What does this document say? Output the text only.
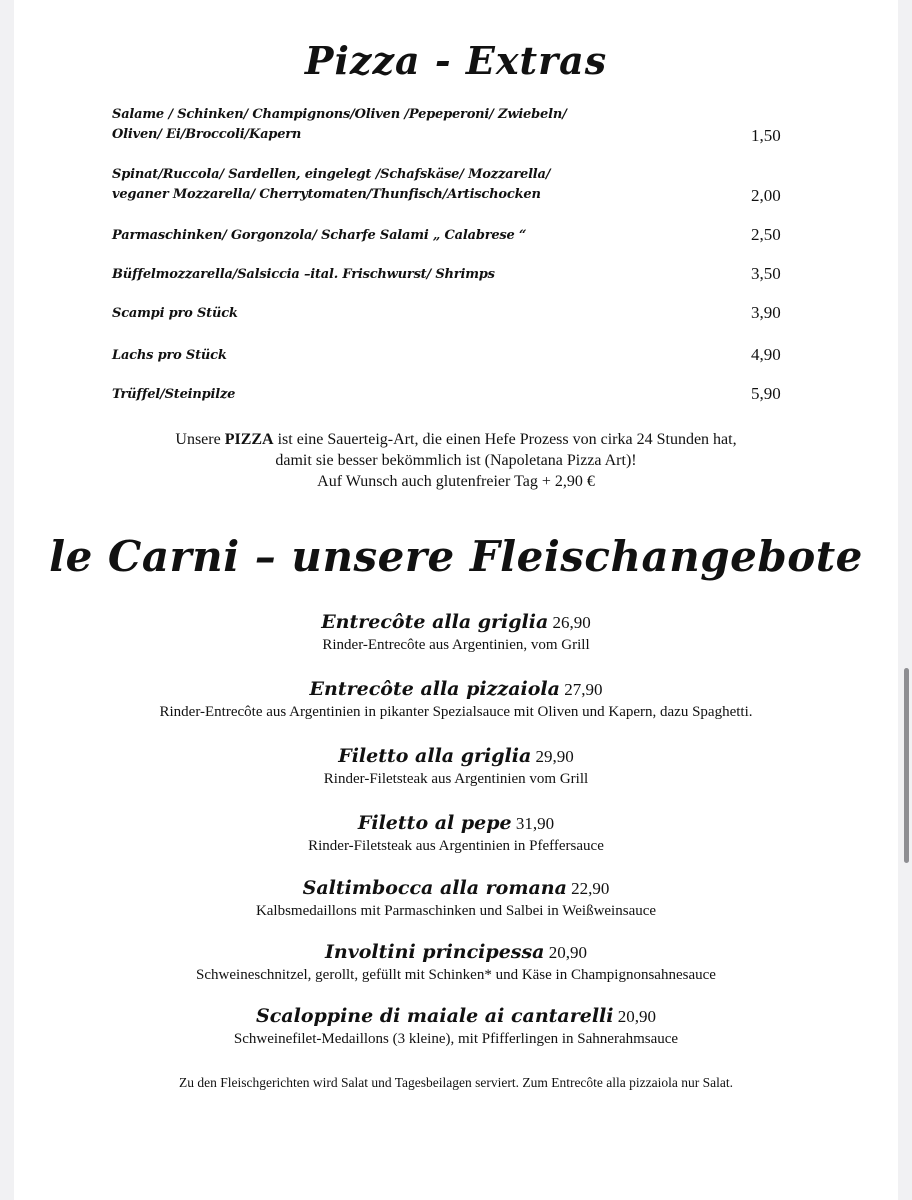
Pizza - Extras
Salame / Schinken/ Champignons/Oliven /Pepeperoni/ Zwiebeln/
Oliven/ Ei/Broccoli/Kapern	1,50
Spinat/Ruccola/ Sardellen, eingelegt /Schafskäse/ Mozzarella/
veganer Mozzarella/ Cherrytomaten/Thunfisch/Artischocken	2,00
Parmaschinken/ Gorgonzola/ Scharfe Salami „ Calabrese “	2,50
Büffelmozzarella/Salsiccia –ital. Frischwurst/ Shrimps	3,50
Scampi pro Stück	3,90
Lachs pro Stück	4,90
Trüffel/Steinpilze	5,90
Unsere PIZZA ist eine Sauerteig-Art, die einen Hefe Prozess von cirka 24 Stunden hat,
damit sie besser bekömmlich ist (Napoletana Pizza Art)!
Auf Wunsch auch glutenfreier Tag + 2,90 €
le Carni – unsere Fleischangebote
Entrecôte alla griglia 26,90
Rinder-Entrecôte aus Argentinien, vom Grill
Entrecôte alla pizzaiola 27,90
Rinder-Entrecôte aus Argentinien in pikanter Spezialsauce mit Oliven und Kapern, dazu Spaghetti.
Filetto alla griglia 29,90
Rinder-Filetsteak aus Argentinien vom Grill
Filetto al pepe 31,90
Rinder-Filetsteak aus Argentinien in Pfeffersauce
Saltimbocca alla romana 22,90
Kalbsmedaillons mit Parmaschinken und Salbei in Weißweinsauce
Involtini principessa 20,90
Schweineschnitzel, gerollt, gefüllt mit Schinken* und Käse in Champignonsahnesauce
Scaloppine di maiale ai cantarelli 20,90
Schweinefilet-Medaillons (3 kleine), mit Pfifferlingen in Sahnerahmsauce
Zu den Fleischgerichten wird Salat und Tagesbeilagen serviert. Zum Entrecôte alla pizzaiola nur Salat.
